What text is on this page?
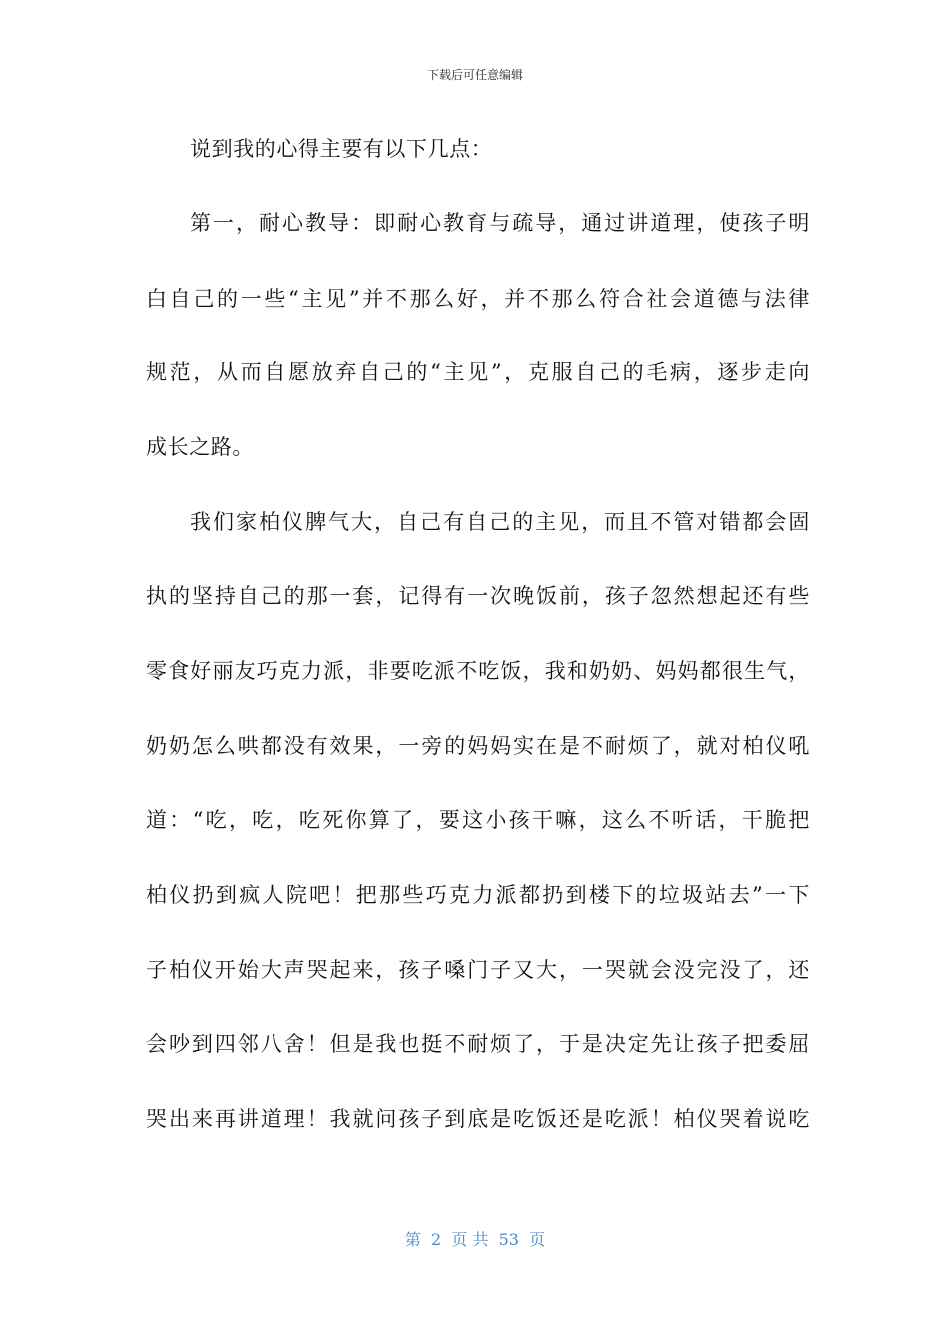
下载后可任意编辑
说到我的心得主要有以下几点：
第一，耐心教导：即耐心教育与疏导，通过讲道理，使孩子明
白自己的一些“主见”并不那么好，并不那么符合社会道德与法律
规范，从而自愿放弃自己的“主见”，克服自己的毛病，逐步走向
成长之路。
我们家柏仪脾气大，自己有自己的主见，而且不管对错都会固
执的坚持自己的那一套，记得有一次晚饭前，孩子忽然想起还有些
零食好丽友巧克力派，非要吃派不吃饭，我和奶奶、妈妈都很生气，
奶奶怎么哄都没有效果，一旁的妈妈实在是不耐烦了，就对柏仪吼
道：“吃，吃，吃死你算了，要这小孩干嘛，这么不听话，干脆把
柏仪扔到疯人院吧！把那些巧克力派都扔到楼下的垃圾站去”一下
子柏仪开始大声哭起来，孩子嗓门子又大，一哭就会没完没了，还
会吵到四邻八舍！但是我也挺不耐烦了，于是决定先让孩子把委屈
哭出来再讲道理！我就问孩子到底是吃饭还是吃派！柏仪哭着说吃
第  2  页 共  53  页
